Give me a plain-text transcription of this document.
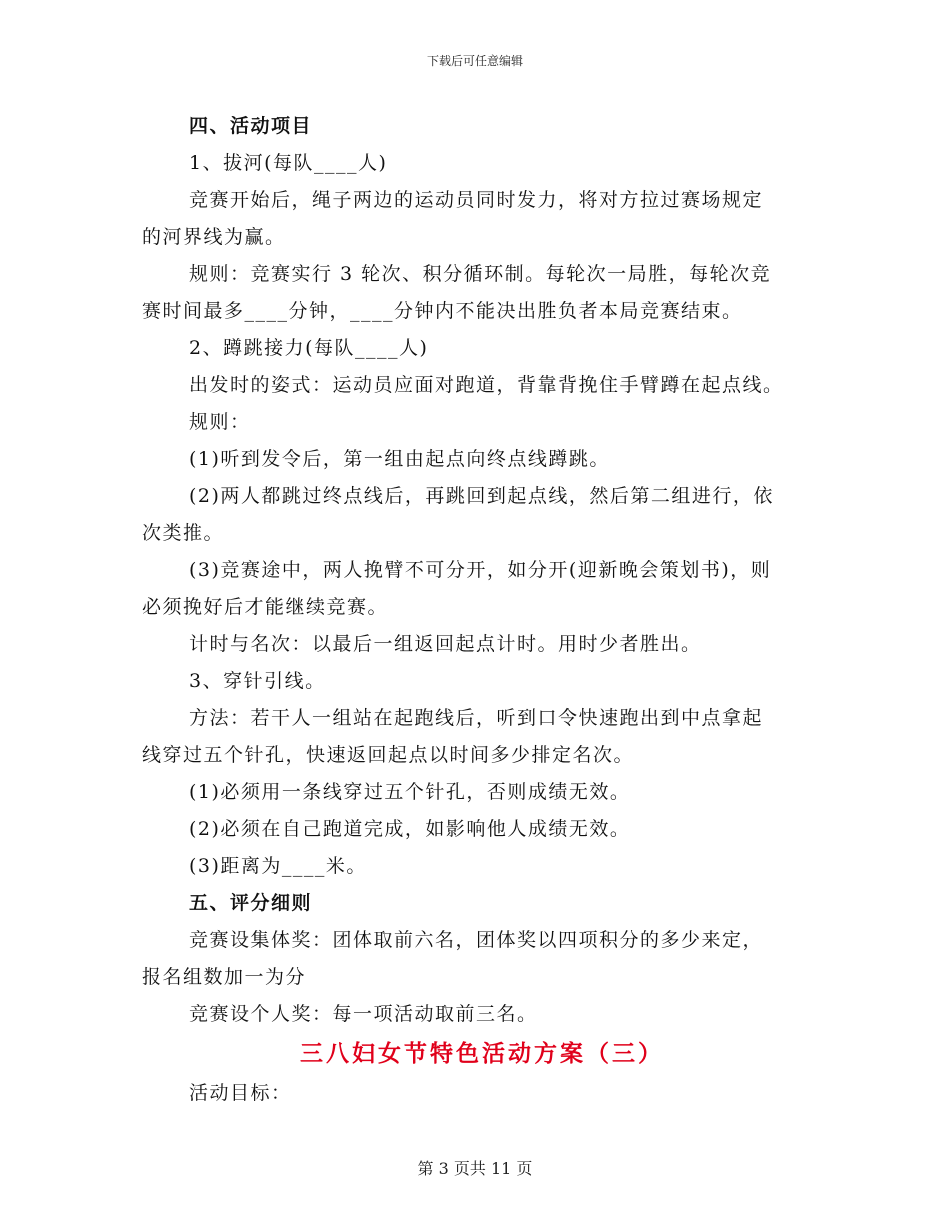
下载后可任意编辑
四、活动项目
1、拔河(每队____人)
竞赛开始后，绳子两边的运动员同时发力，将对方拉过赛场规定
的河界线为赢。
规则：竞赛实行 3 轮次、积分循环制。每轮次一局胜，每轮次竞
赛时间最多____分钟，____分钟内不能决出胜负者本局竞赛结束。
2、蹲跳接力(每队____人)
出发时的姿式：运动员应面对跑道，背靠背挽住手臂蹲在起点线。
规则：
(1)听到发令后，第一组由起点向终点线蹲跳。
(2)两人都跳过终点线后，再跳回到起点线，然后第二组进行，依
次类推。
(3)竞赛途中，两人挽臂不可分开，如分开(迎新晚会策划书)，则
必须挽好后才能继续竞赛。
计时与名次：以最后一组返回起点计时。用时少者胜出。
3、穿针引线。
方法：若干人一组站在起跑线后，听到口令快速跑出到中点拿起
线穿过五个针孔，快速返回起点以时间多少排定名次。
(1)必须用一条线穿过五个针孔，否则成绩无效。
(2)必须在自己跑道完成，如影响他人成绩无效。
(3)距离为____米。
五、评分细则
竞赛设集体奖：团体取前六名，团体奖以四项积分的多少来定，
报名组数加一为分
竞赛设个人奖：每一项活动取前三名。
三八妇女节特色活动方案（三）
活动目标：
第 3 页共 11 页
